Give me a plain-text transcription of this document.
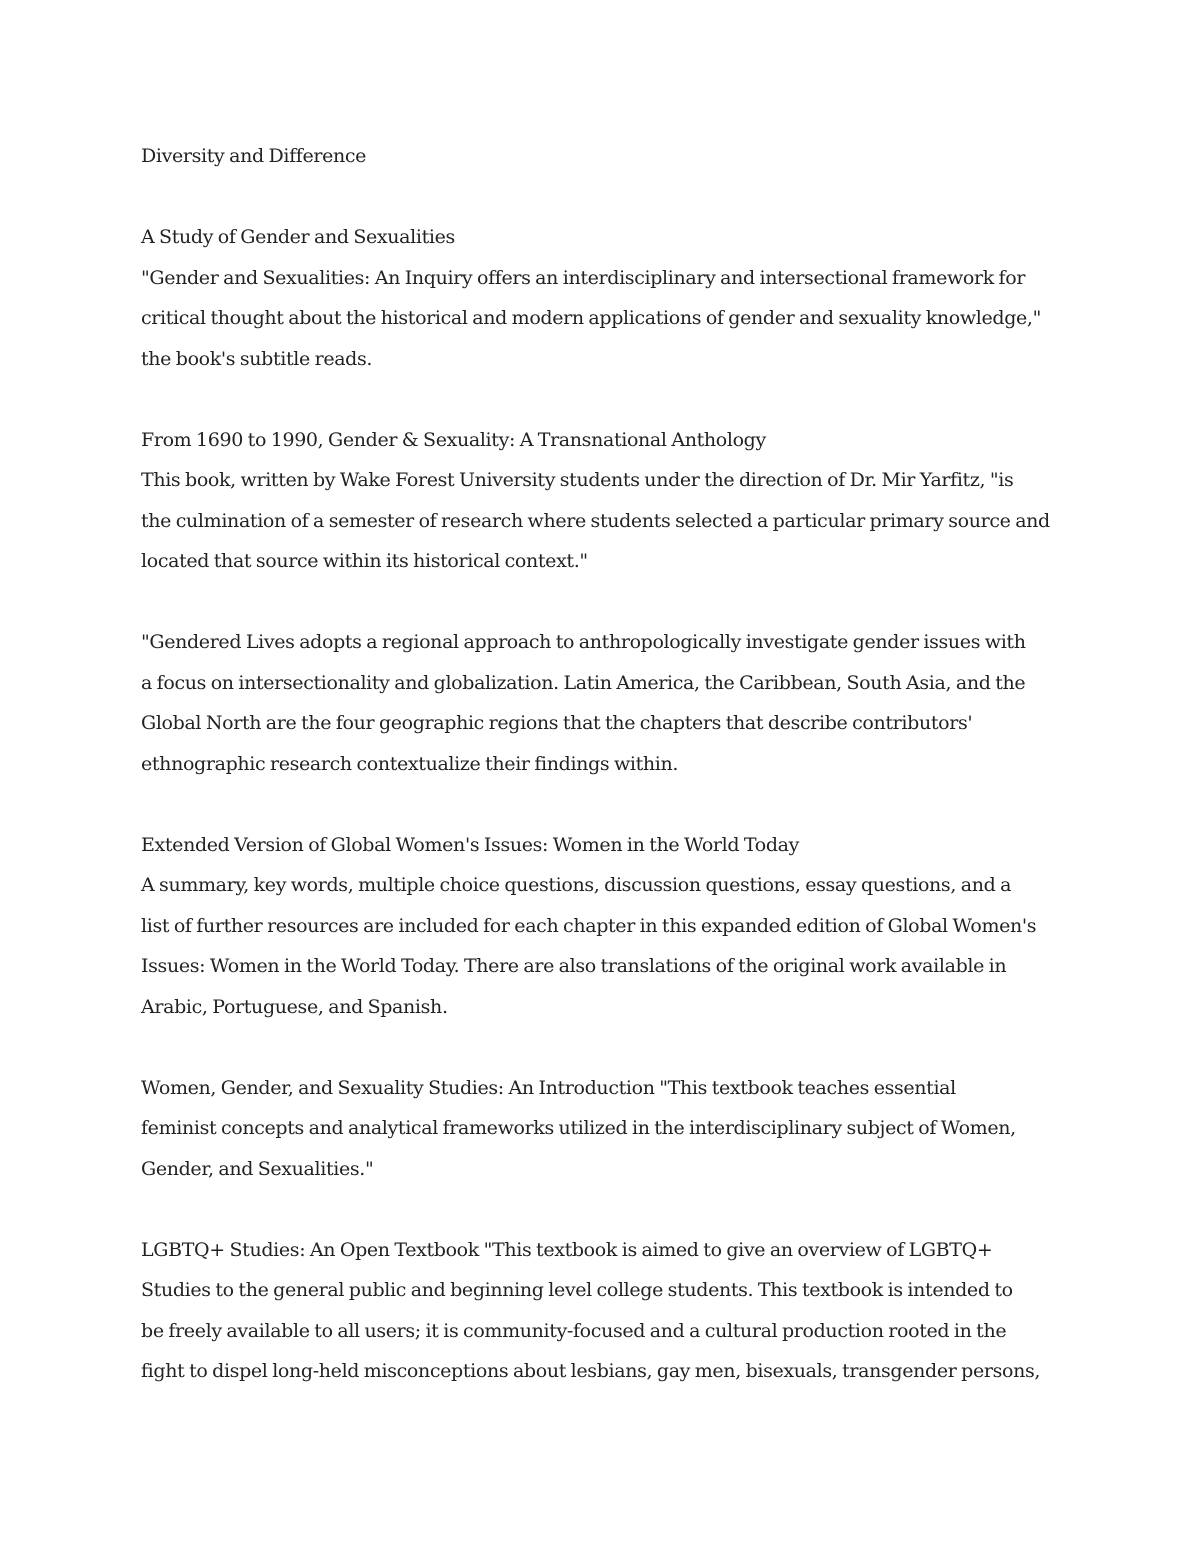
Diversity and Difference
A Study of Gender and Sexualities
"Gender and Sexualities: An Inquiry offers an interdisciplinary and intersectional framework for
critical thought about the historical and modern applications of gender and sexuality knowledge,"
the book's subtitle reads.
From 1690 to 1990, Gender & Sexuality: A Transnational Anthology
This book, written by Wake Forest University students under the direction of Dr. Mir Yarfitz, "is
the culmination of a semester of research where students selected a particular primary source and
located that source within its historical context."
"Gendered Lives adopts a regional approach to anthropologically investigate gender issues with
a focus on intersectionality and globalization. Latin America, the Caribbean, South Asia, and the
Global North are the four geographic regions that the chapters that describe contributors'
ethnographic research contextualize their findings within.
Extended Version of Global Women's Issues: Women in the World Today
A summary, key words, multiple choice questions, discussion questions, essay questions, and a
list of further resources are included for each chapter in this expanded edition of Global Women's
Issues: Women in the World Today. There are also translations of the original work available in
Arabic, Portuguese, and Spanish.
Women, Gender, and Sexuality Studies: An Introduction "This textbook teaches essential
feminist concepts and analytical frameworks utilized in the interdisciplinary subject of Women,
Gender, and Sexualities."
LGBTQ+ Studies: An Open Textbook "This textbook is aimed to give an overview of LGBTQ+
Studies to the general public and beginning level college students. This textbook is intended to
be freely available to all users; it is community-focused and a cultural production rooted in the
fight to dispel long-held misconceptions about lesbians, gay men, bisexuals, transgender persons,
